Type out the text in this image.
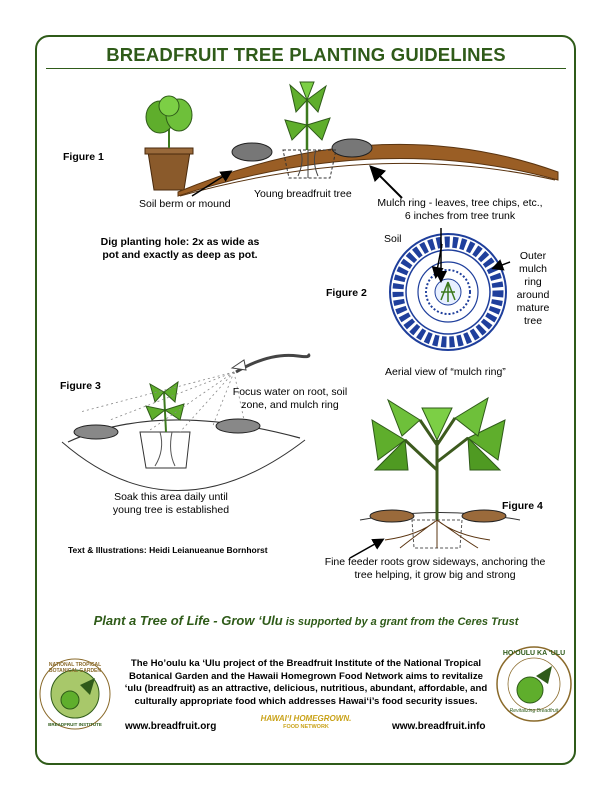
BREADFRUIT TREE PLANTING GUIDELINES
Figure 1
Soil berm or mound
Young breadfruit tree
Mulch ring - leaves, tree chips, etc.,
6 inches from tree trunk
Dig planting hole: 2x as wide as
pot and exactly as deep as pot.
Soil
Figure 2
Outer
mulch
ring
around
mature
tree
Aerial view of “mulch ring”
Figure 3	Focus water on root, soil
zone, and mulch ring
Soak this area daily until
young tree is established
Text & Illustrations: Heidi Leianueanue Bornhorst
Figure 4
Fine feeder roots grow sideways, anchoring the
tree helping, it grow big and strong
Plant a Tree of Life - Grow ‘Ulu is supported by a grant from the Ceres Trust
The Ho’oulu ka ‘Ulu project of the Breadfruit Institute of the National Tropical
Botanical Garden and the Hawaii Homegrown Food Network aims to revitalize
‘ulu (breadfruit) as an attractive, delicious, nutritious, abundant, affordable, and
culturally appropriate food which addresses Hawai‘i’s food security issues.
www.breadfruit.org	www.breadfruit.info
NATIONAL TROPICAL BOTANICAL GARDEN
BREADFRUIT INSTITUTE
HAWAI‘I HOMEGROWN.
FOOD NETWORK
HO‘OULU KA ‘ULU
Revitalizing Breadfruit
